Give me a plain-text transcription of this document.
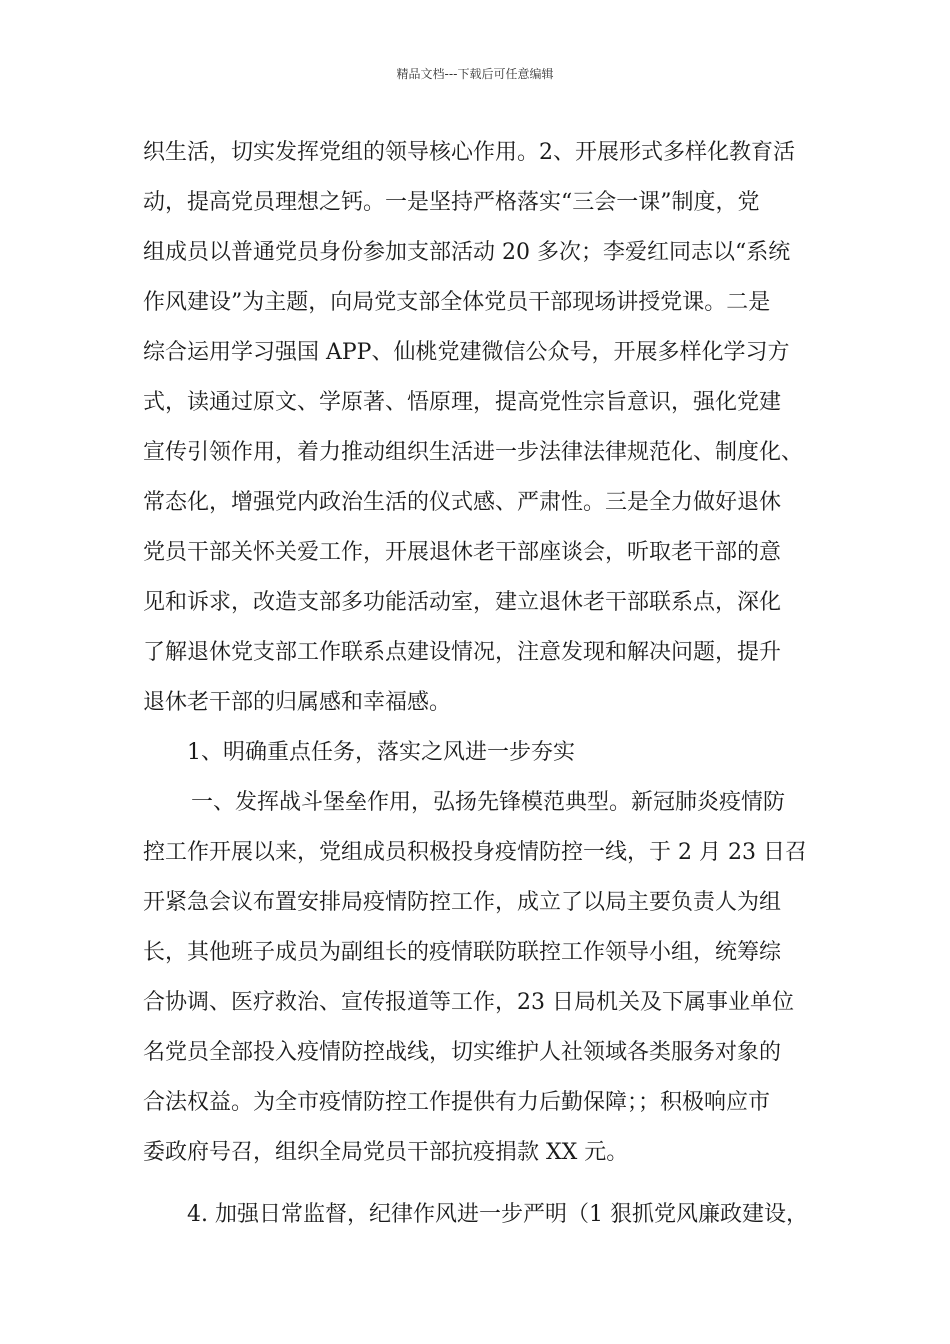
精品文档---下载后可任意编辑
织生活，切实发挥党组的领导核心作用。2、开展形式多样化教育活
动，提高党员理想之钙。一是坚持严格落实“三会一课”制度，党
组成员以普通党员身份参加支部活动 20 多次；李爱红同志以“系统
作风建设”为主题，向局党支部全体党员干部现场讲授党课。二是
综合运用学习强国 APP、仙桃党建微信公众号，开展多样化学习方
式，读通过原文、学原著、悟原理，提高党性宗旨意识，强化党建
宣传引领作用，着力推动组织生活进一步法律法律规范化、制度化、
常态化，增强党内政治生活的仪式感、严肃性。三是全力做好退休
党员干部关怀关爱工作，开展退休老干部座谈会，听取老干部的意
见和诉求，改造支部多功能活动室，建立退休老干部联系点，深化
了解退休党支部工作联系点建设情况，注意发现和解决问题，提升
退休老干部的归属感和幸福感。
1、明确重点任务，落实之风进一步夯实
一、发挥战斗堡垒作用，弘扬先锋模范典型。新冠肺炎疫情防
控工作开展以来，党组成员积极投身疫情防控一线，于 2 月 23 日召
开紧急会议布置安排局疫情防控工作，成立了以局主要负责人为组
长，其他班子成员为副组长的疫情联防联控工作领导小组，统筹综
合协调、医疗救治、宣传报道等工作，23 日局机关及下属事业单位
名党员全部投入疫情防控战线，切实维护人社领域各类服务对象的
合法权益。为全市疫情防控工作提供有力后勤保障；；积极响应市
委政府号召，组织全局党员干部抗疫捐款 XX 元。
4. 加强日常监督，纪律作风进一步严明（1 狠抓党风廉政建设，
